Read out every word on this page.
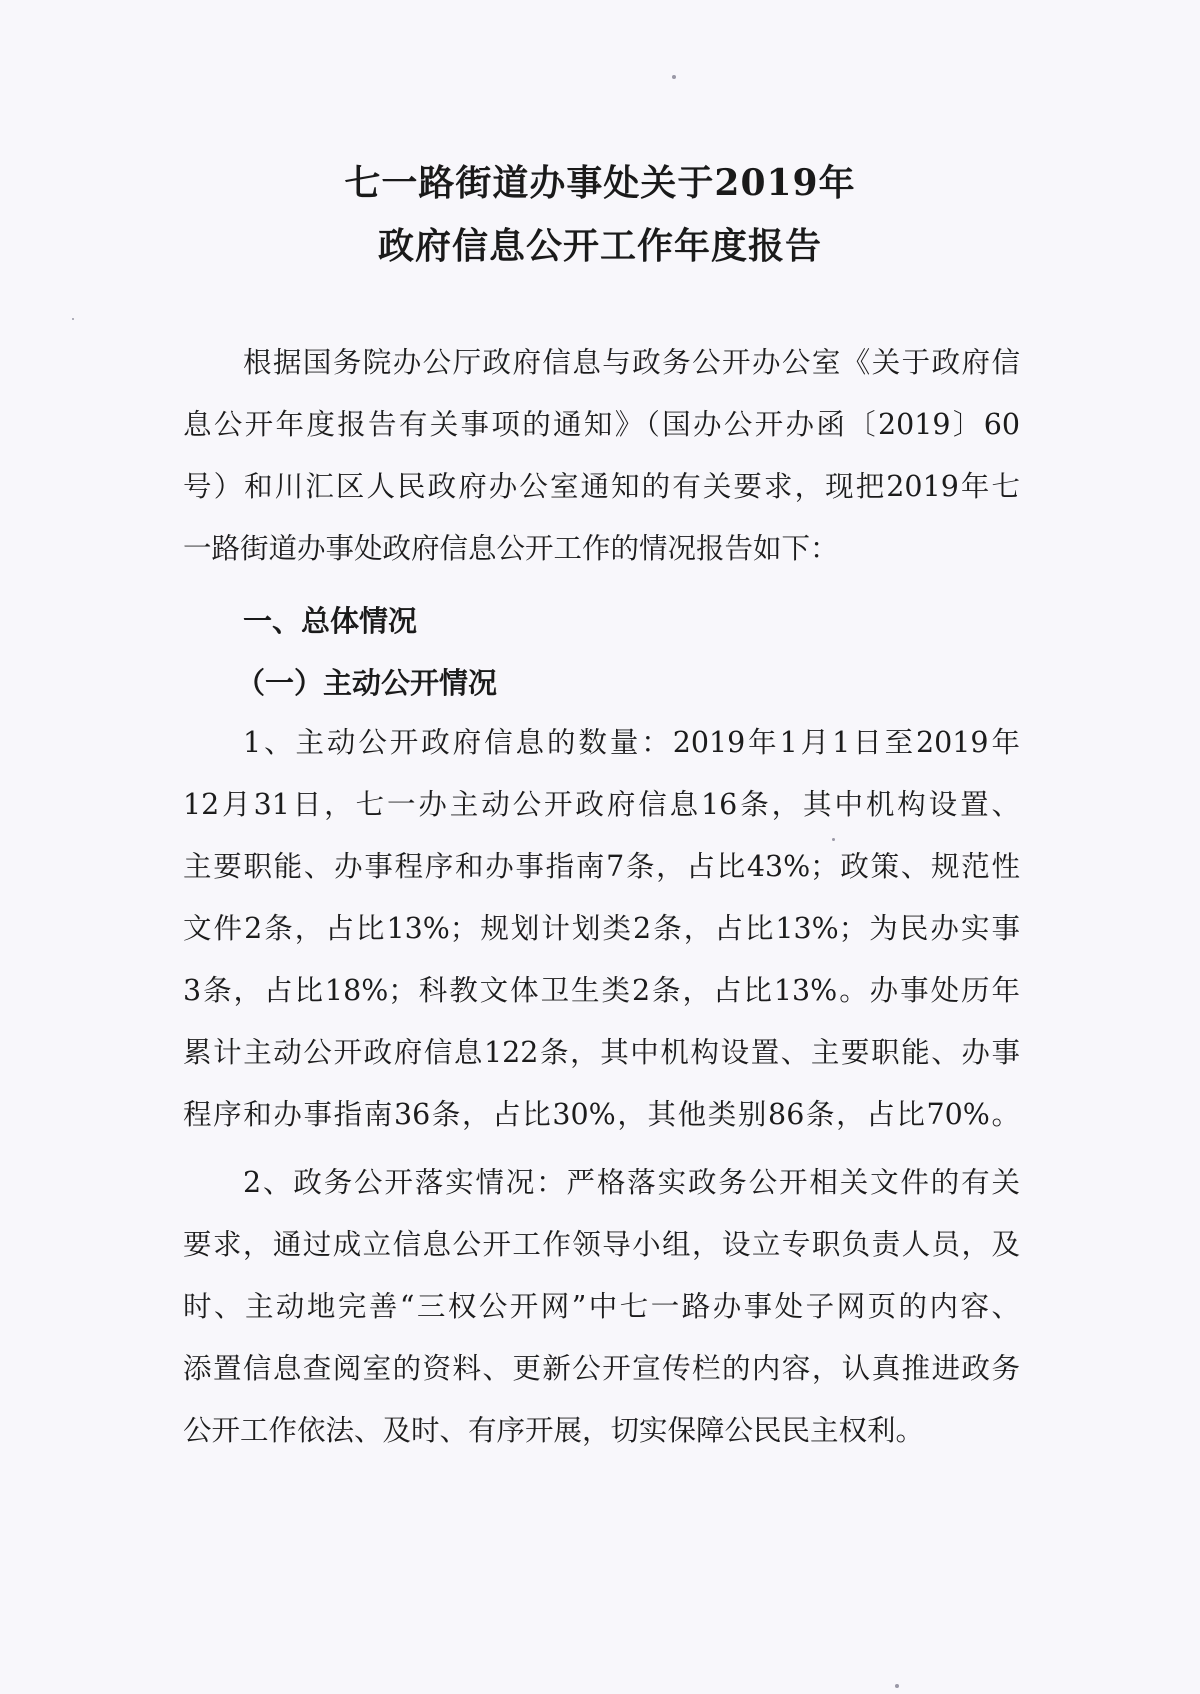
七一路街道办事处关于2019年
政府信息公开工作年度报告
根据国务院办公厅政府信息与政务公开办公室《关于政府信
息公开年度报告有关事项的通知》（国办公开办函〔2019〕60
号）和川汇区人民政府办公室通知的有关要求，现把2019年七
一路街道办事处政府信息公开工作的情况报告如下：
一、总体情况
（一）主动公开情况
1、主动公开政府信息的数量：2019年1月1日至2019年
12月31日，七一办主动公开政府信息16条，其中机构设置、
主要职能、办事程序和办事指南7条，占比43%；政策、规范性
文件2条，占比13%；规划计划类2条，占比13%；为民办实事
3条，占比18%；科教文体卫生类2条，占比13%。办事处历年
累计主动公开政府信息122条，其中机构设置、主要职能、办事
程序和办事指南36条，占比30%，其他类别86条，占比70%。
2、政务公开落实情况：严格落实政务公开相关文件的有关
要求，通过成立信息公开工作领导小组，设立专职负责人员，及
时、主动地完善“三权公开网”中七一路办事处子网页的内容、
添置信息查阅室的资料、更新公开宣传栏的内容，认真推进政务
公开工作依法、及时、有序开展，切实保障公民民主权利。
